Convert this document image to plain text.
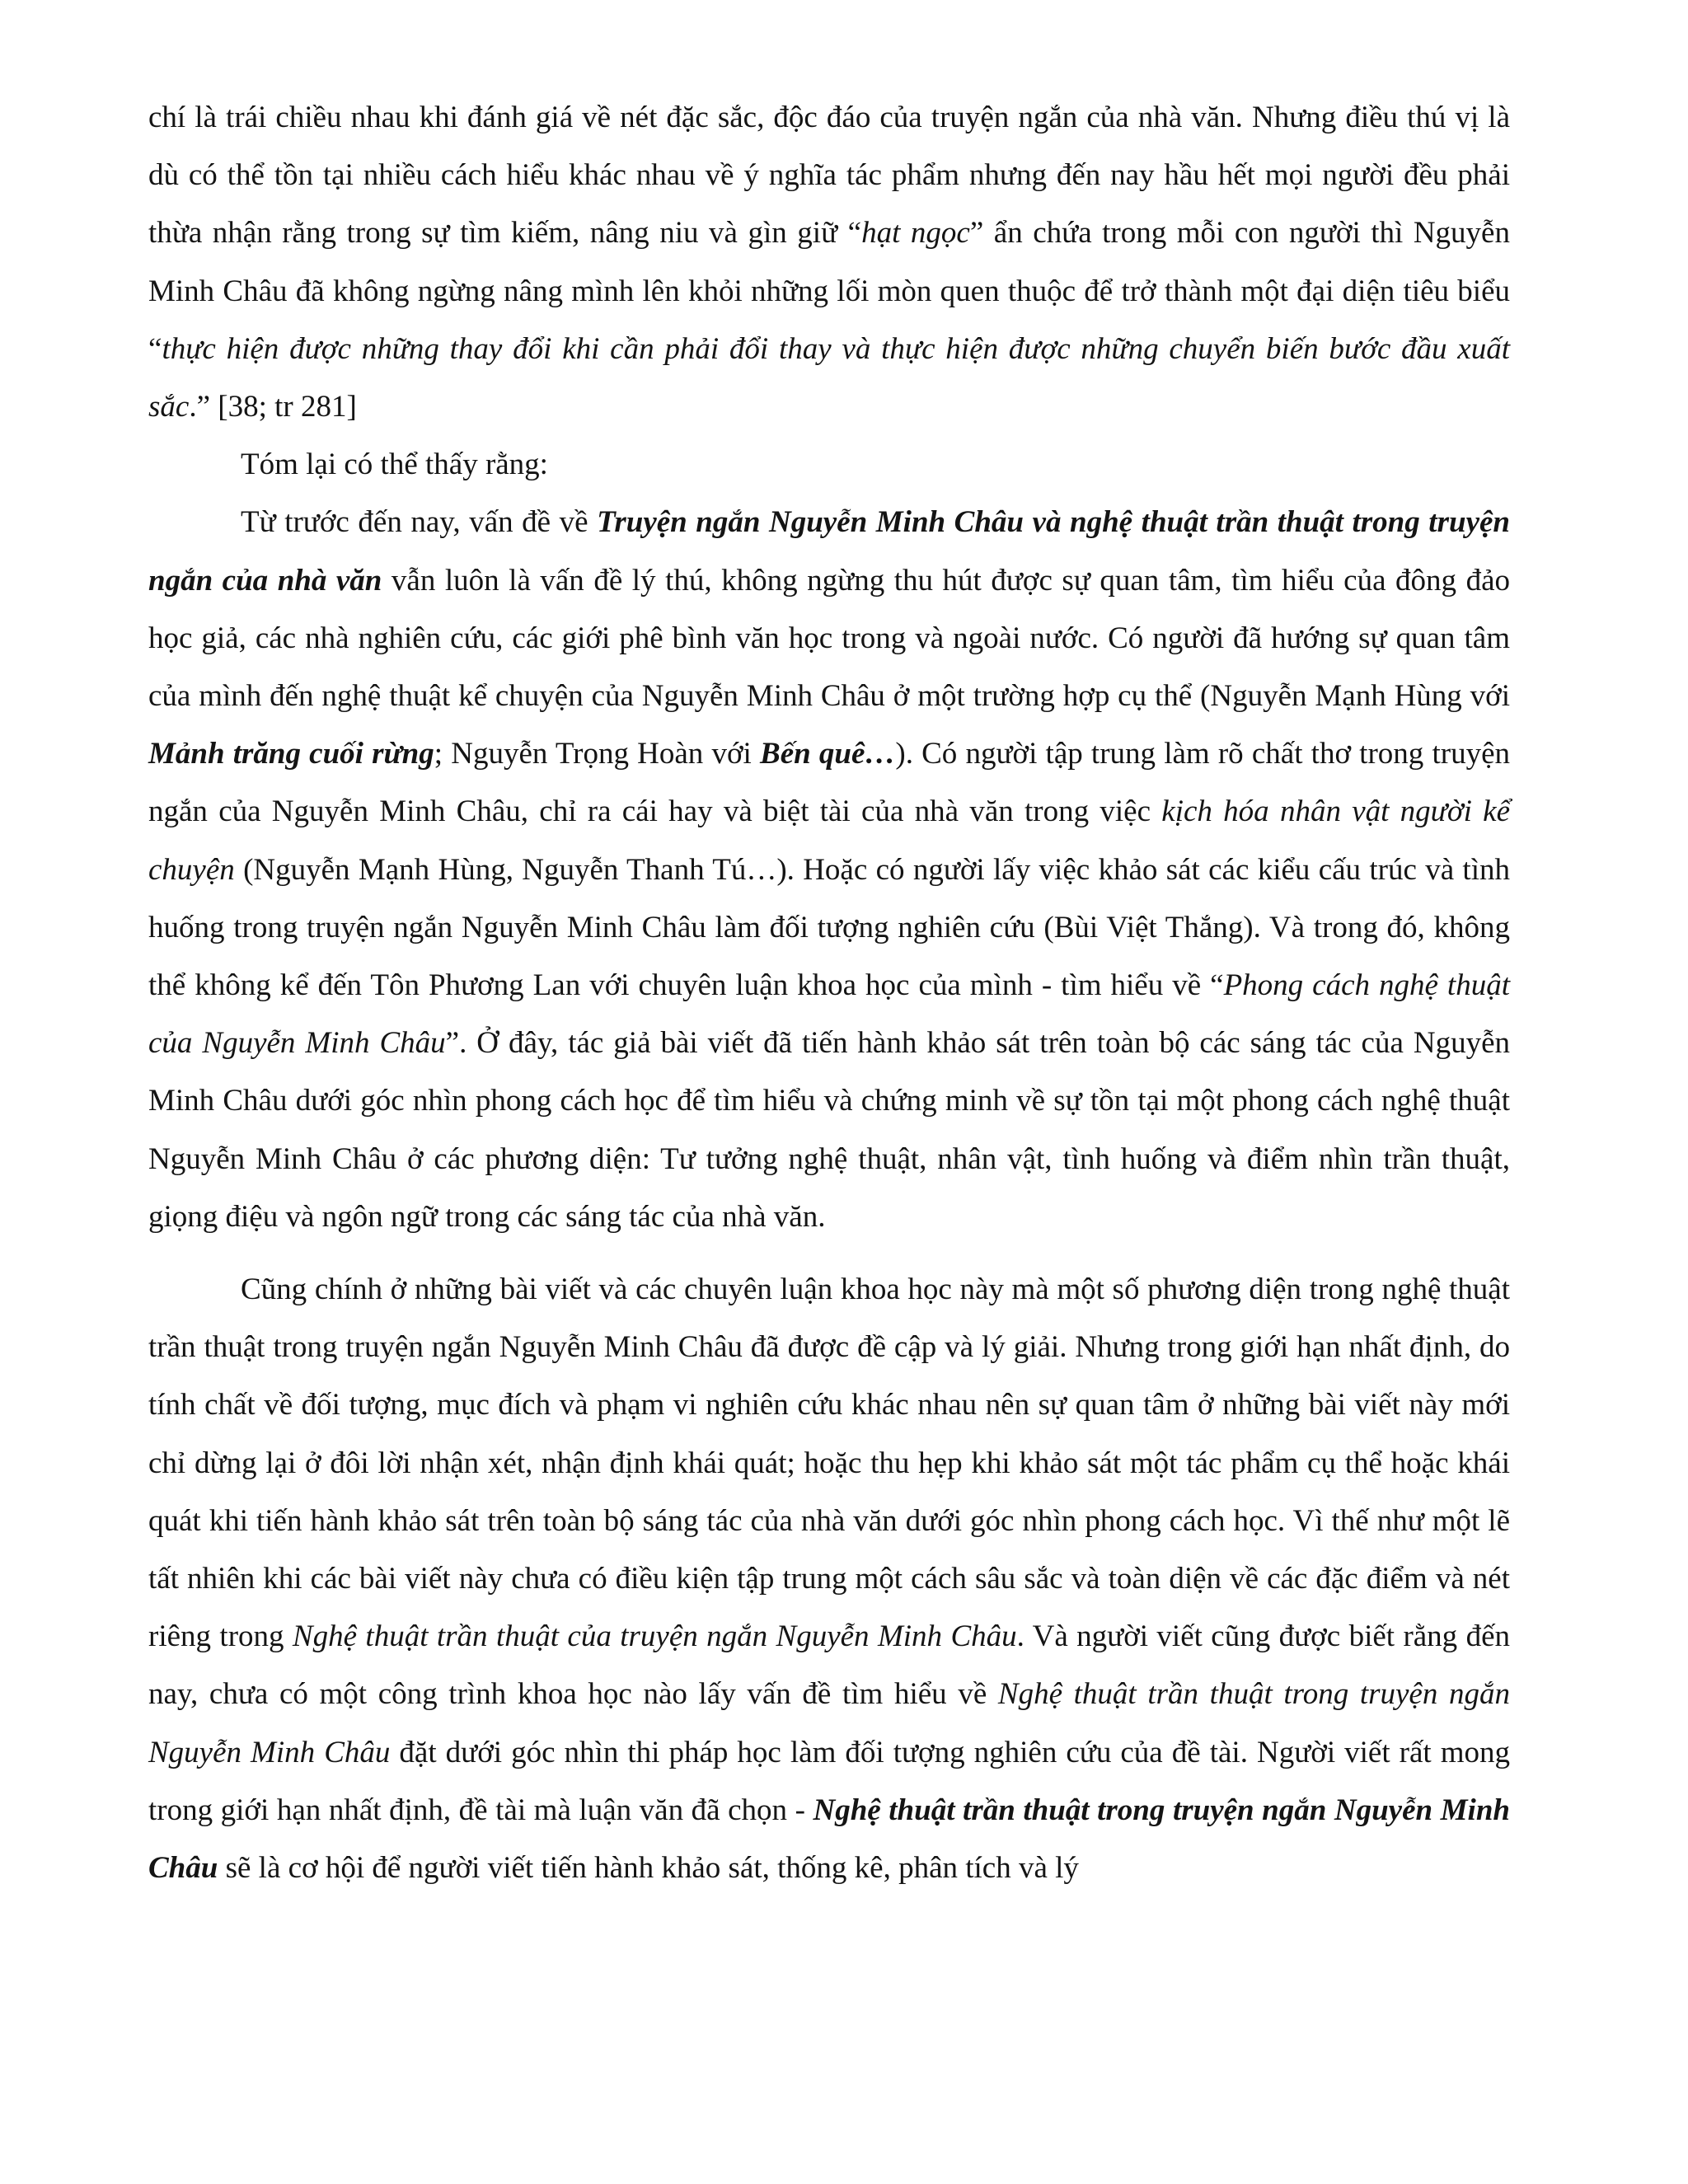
chí là trái chiều nhau khi đánh giá về nét đặc sắc, độc đáo của truyện ngắn của nhà văn. Nhưng điều thú vị là dù có thể tồn tại nhiều cách hiểu khác nhau về ý nghĩa tác phẩm nhưng đến nay hầu hết mọi người đều phải thừa nhận rằng trong sự tìm kiếm, nâng niu và gìn giữ “hạt ngọc” ẩn chứa trong mỗi con người thì Nguyễn Minh Châu đã không ngừng nâng mình lên khỏi những lối mòn quen thuộc để trở thành một đại diện tiêu biểu “thực hiện được những thay đổi khi cần phải đổi thay và thực hiện được những chuyển biến bước đầu xuất sắc.” [38; tr 281]

Tóm lại có thể thấy rằng:

Từ trước đến nay, vấn đề về Truyện ngắn Nguyễn Minh Châu và nghệ thuật trần thuật trong truyện ngắn của nhà văn vẫn luôn là vấn đề lý thú, không ngừng thu hút được sự quan tâm, tìm hiểu của đông đảo học giả, các nhà nghiên cứu, các giới phê bình văn học trong và ngoài nước. Có người đã hướng sự quan tâm của mình đến nghệ thuật kể chuyện của Nguyễn Minh Châu ở một trường hợp cụ thể (Nguyễn Mạnh Hùng với Mảnh trăng cuối rừng; Nguyễn Trọng Hoàn với Bến quê…). Có người tập trung làm rõ chất thơ trong truyện ngắn của Nguyễn Minh Châu, chỉ ra cái hay và biệt tài của nhà văn trong việc kịch hóa nhân vật người kể chuyện (Nguyễn Mạnh Hùng, Nguyễn Thanh Tú…). Hoặc có người lấy việc khảo sát các kiểu cấu trúc và tình huống trong truyện ngắn Nguyễn Minh Châu làm đối tượng nghiên cứu (Bùi Việt Thắng). Và trong đó, không thể không kể đến Tôn Phương Lan với chuyên luận khoa học của mình - tìm hiểu về “Phong cách nghệ thuật của Nguyễn Minh Châu”. Ở đây, tác giả bài viết đã tiến hành khảo sát trên toàn bộ các sáng tác của Nguyễn Minh Châu dưới góc nhìn phong cách học để tìm hiểu và chứng minh về sự tồn tại một phong cách nghệ thuật Nguyễn Minh Châu ở các phương diện: Tư tưởng nghệ thuật, nhân vật, tình huống và điểm nhìn trần thuật, giọng điệu và ngôn ngữ trong các sáng tác của nhà văn.

Cũng chính ở những bài viết và các chuyên luận khoa học này mà một số phương diện trong nghệ thuật trần thuật trong truyện ngắn Nguyễn Minh Châu đã được đề cập và lý giải. Nhưng trong giới hạn nhất định, do tính chất về đối tượng, mục đích và phạm vi nghiên cứu khác nhau nên sự quan tâm ở những bài viết này mới chỉ dừng lại ở đôi lời nhận xét, nhận định khái quát; hoặc thu hẹp khi khảo sát một tác phẩm cụ thể hoặc khái quát khi tiến hành khảo sát trên toàn bộ sáng tác của nhà văn dưới góc nhìn phong cách học. Vì thế như một lẽ tất nhiên khi các bài viết này chưa có điều kiện tập trung một cách sâu sắc và toàn diện về các đặc điểm và nét riêng trong Nghệ thuật trần thuật của truyện ngắn Nguyễn Minh Châu. Và người viết cũng được biết rằng đến nay, chưa có một công trình khoa học nào lấy vấn đề tìm hiểu về Nghệ thuật trần thuật trong truyện ngắn Nguyễn Minh Châu đặt dưới góc nhìn thi pháp học làm đối tượng nghiên cứu của đề tài. Người viết rất mong trong giới hạn nhất định, đề tài mà luận văn đã chọn - Nghệ thuật trần thuật trong truyện ngắn Nguyễn Minh Châu sẽ là cơ hội để người viết tiến hành khảo sát, thống kê, phân tích và lý
